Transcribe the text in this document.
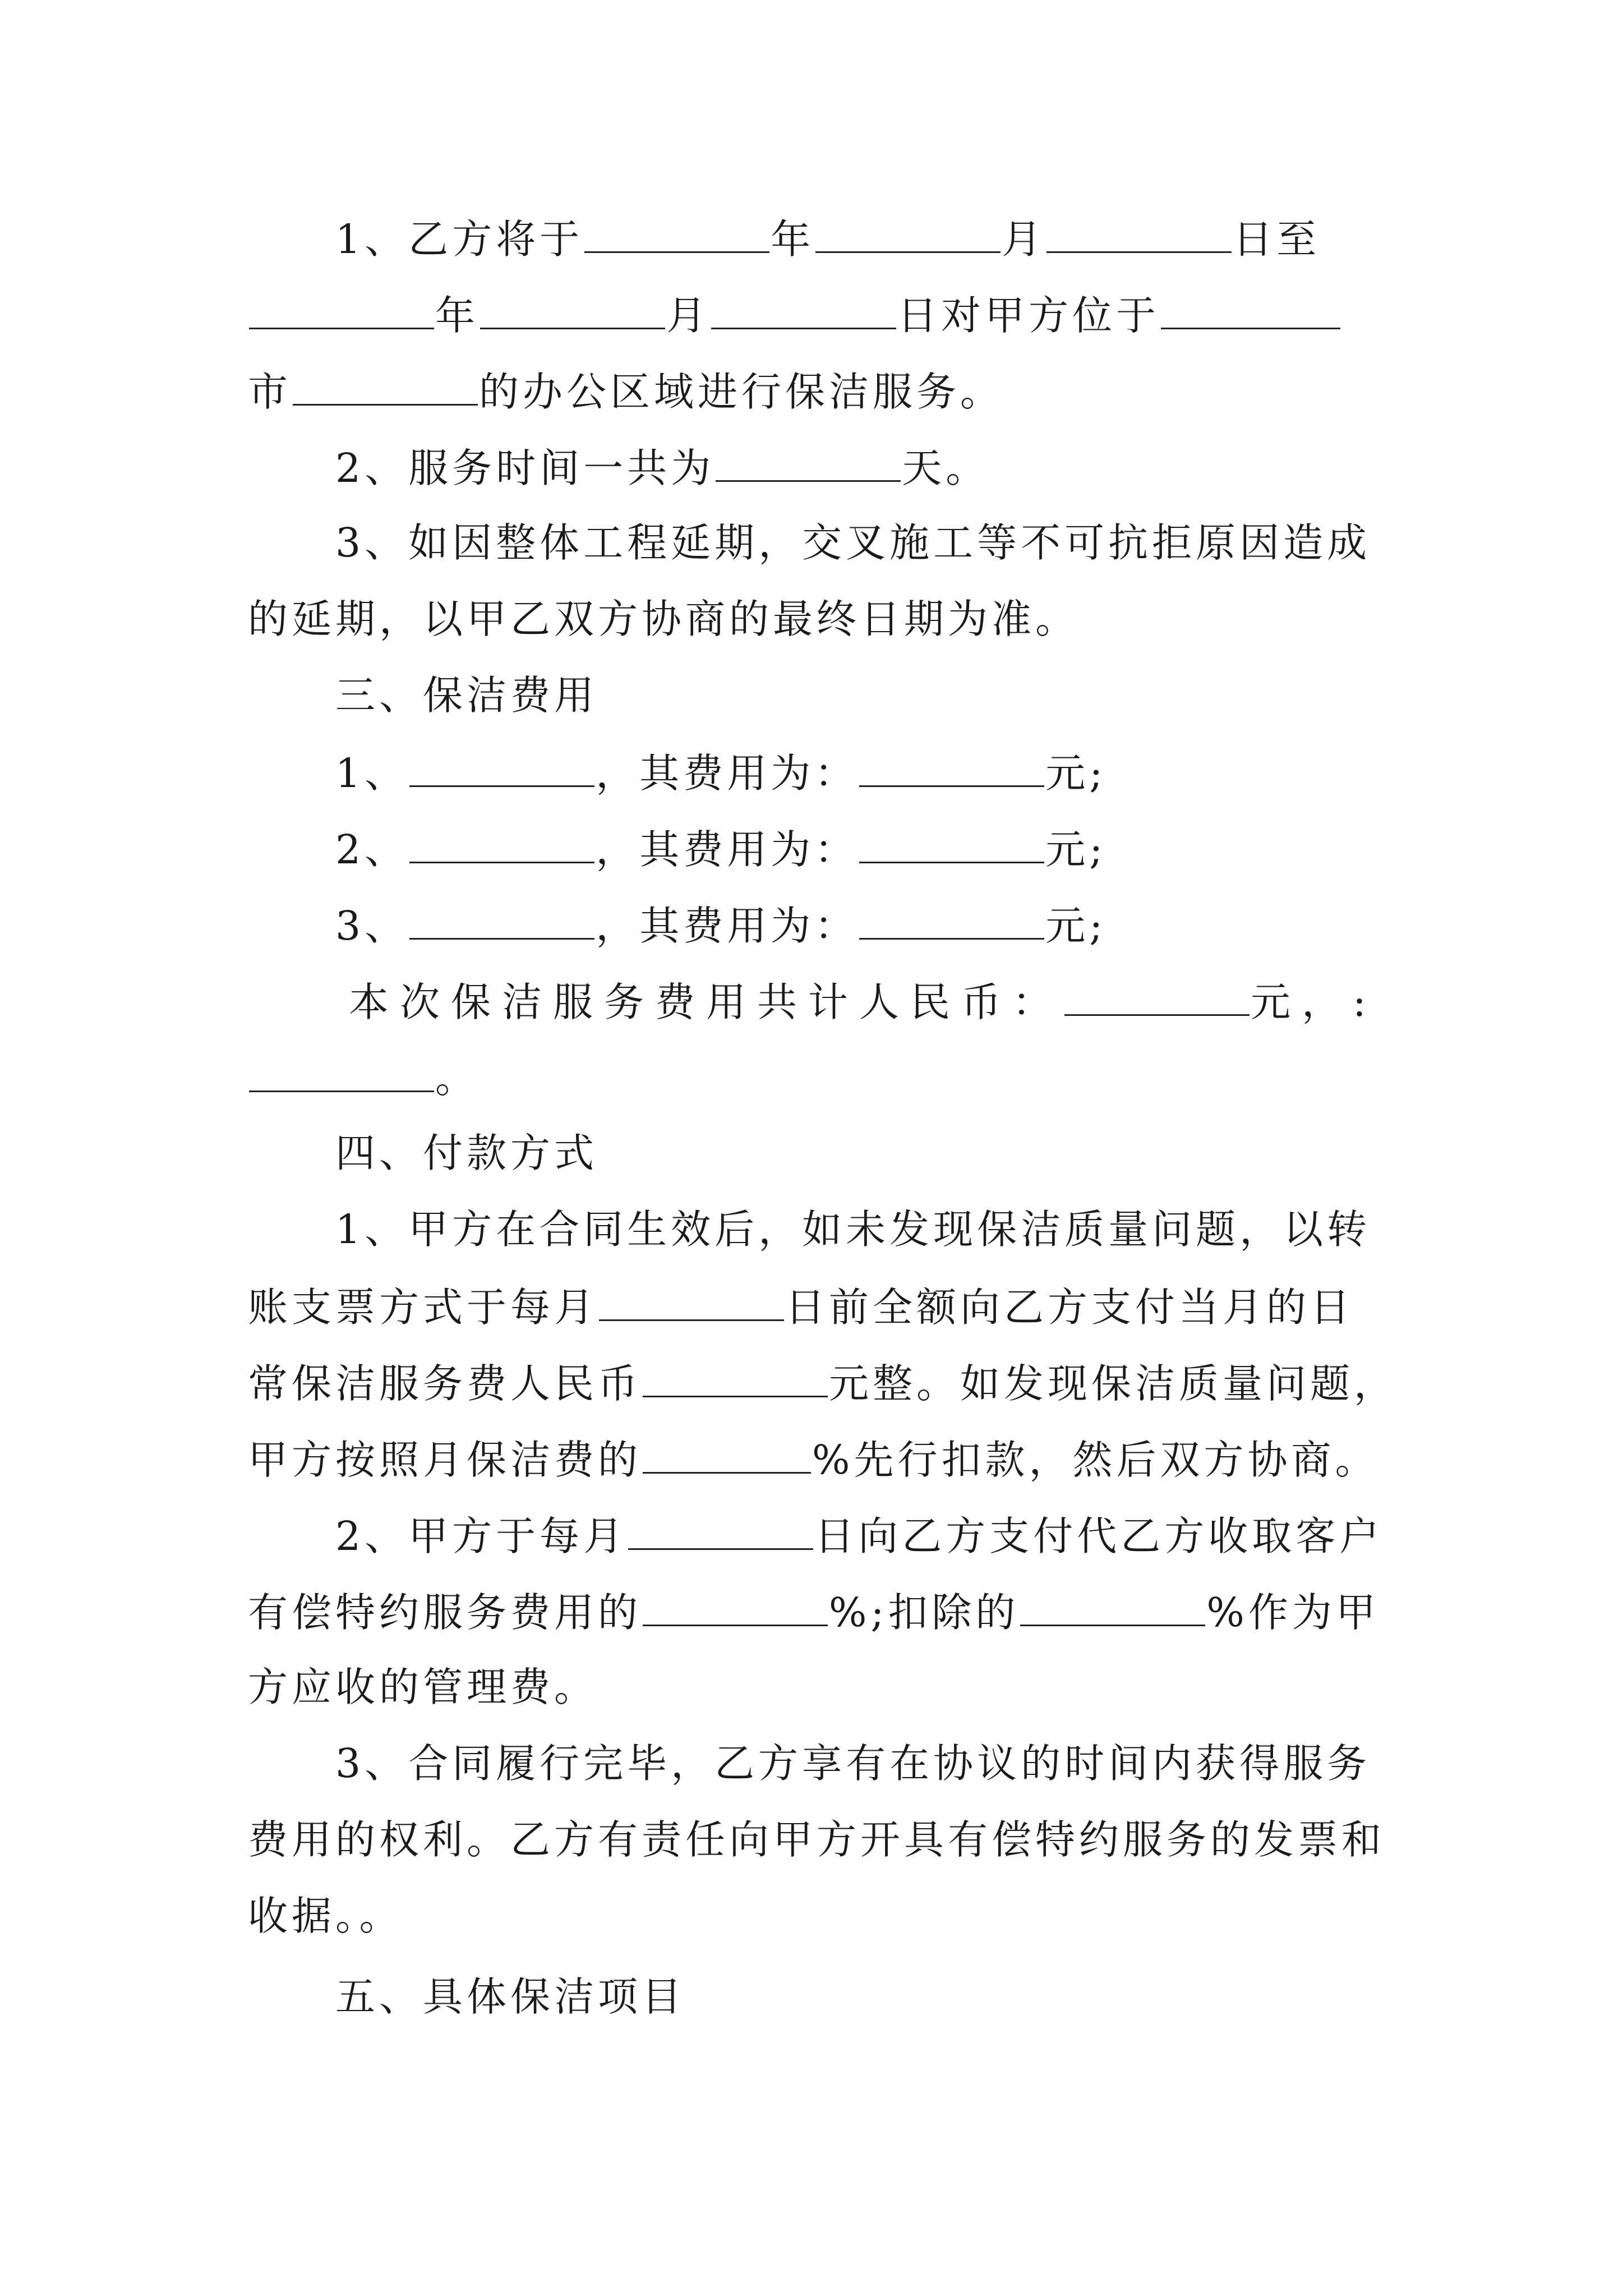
1、乙方将于	年	月	日至
年	月	日对甲方位于
市	的办公区域进行保洁服务。
2、服务时间一共为	天。
3、如因整体工程延期，交叉施工等不可抗拒原因造成
的延期，以甲乙双方协商的最终日期为准。
三、保洁费用
1、	，其费用为：	元;
2、	，其费用为：	元;
3、	，其费用为：	元;
本次保洁服务费用共计人民币：	元，:
。
四、付款方式
1、甲方在合同生效后，如未发现保洁质量问题，以转
账支票方式于每月	日前全额向乙方支付当月的日
常保洁服务费人民币	元整。如发现保洁质量问题，
甲方按照月保洁费的	%先行扣款，然后双方协商。
2、甲方于每月	日向乙方支付代乙方收取客户
有偿特约服务费用的	%;扣除的	%作为甲
方应收的管理费。
3、合同履行完毕，乙方享有在协议的时间内获得服务
费用的权利。乙方有责任向甲方开具有偿特约服务的发票和
收据。。
五、具体保洁项目
